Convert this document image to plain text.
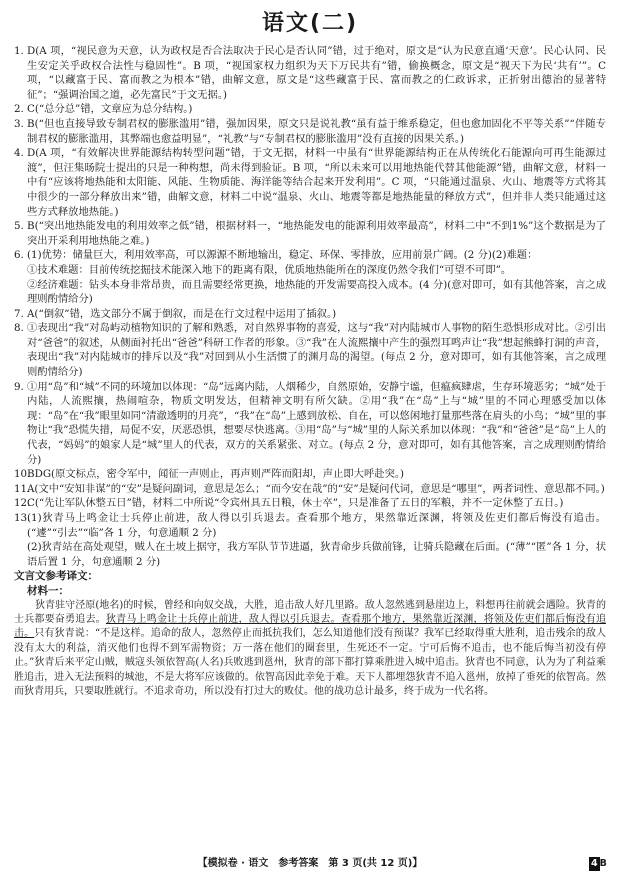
语文(二)

1. D(A 项，“视民意为天意，认为政权是否合法取决于民心是否认同”错，过于绝对，原文是“认为民意直通‘天意’。民心认同、民生安定关乎政权合法性与稳固性”。B 项，“视国家权力组织为天下万民共有”错，偷换概念，原文是“视天下为民‘共有’”。C 项，“以藏富于民、富而教之为根本”错，曲解文意，原文是“这些藏富于民、富而教之的仁政诉求，正折射出德治的显著特征”；“强调治国之道，必先富民”于文无据。)

2. C(“总分总”错，文章应为总分结构。)

3. B(“但也直接导致专制君权的膨胀滥用”错，强加因果，原文只是说礼教“虽有益于维系稳定，但也愈加固化不平等关系”“伴随专制君权的膨胀滥用，其弊端也愈益明显”，“礼教”与“专制君权的膨胀滥用”没有直接的因果关系。)

4. D(A 项，“有效解决世界能源结构转型问题”错，于文无据，材料一中虽有“世界能源结构正在从传统化石能源向可再生能源过渡”，但汪集旸院士提出的只是一种构想，尚未得到验证。B 项，“所以未来可以用地热能代替其他能源”错，曲解文意，材料一中有“应该将地热能和太阳能、风能、生物质能、海洋能等结合起来开发利用”。C 项，“只能通过温泉、火山、地震等方式将其中很少的一部分释放出来”错，曲解文意，材料二中说“温泉、火山、地震等都是地热能量的释放方式”，但并非人类只能通过这些方式释放地热能。)

5. B(“突出地热能发电的利用效率之低”错，根据材料一，“地热能发电的能源利用效率最高”，材料二中“不到1%”这个数据是为了突出开采利用地热能之难。)

6. (1)优势：储量巨大，利用效率高，可以源源不断地输出，稳定、环保、零排放，应用前景广阔。(2 分)(2)难题：

①技术难题：目前传统挖掘技术能深入地下的距离有限，优质地热能所在的深度仍然令我们“可望不可即”。

②经济难题：钻头本身非常昂贵，而且需要经常更换，地热能的开发需要高投入成本。(4 分)(意对即可，如有其他答案，言之成理则酌情给分)

7. A(“倒叙”错，选文部分不属于倒叙，而是在行文过程中运用了插叙。)

8. ①表现出“我”对岛屿动植物知识的了解和熟悉，对自然界事物的喜爱，这与“我”对内陆城市人事物的陌生恐惧形成对比。②引出对“爸爸”的叙述，从侧面衬托出“爸爸”科研工作者的形象。③“我”在人流熙攘中产生的强烈耳鸣声让“我”想起熊蜂打洞的声音，表现出“我”对内陆城市的排斥以及“我”对回到从小生活惯了的渊月岛的渴望。(每点 2 分，意对即可，如有其他答案，言之成理则酌情给分)

9. ①用“岛”和“城”不同的环境加以体现：“岛”远离内陆，人烟稀少，自然原始，安静宁谧，但瘟疯肆虐，生存环境恶劣；“城”处于内陆，人流熙攘，热闹喧杂，物质文明发达，但精神文明有所欠缺。②用“我”在“岛”上与“城”里的不同心理感受加以体现：“岛”在“我”眼里如同“清澈透明的月亮”，“我”在“岛”上感到放松、自在，可以悠闲地打量那些落在肩头的小鸟；“城”里的事物让“我”恐慌失措，局促不安，厌恶恐惧，想要尽快逃离。③用“岛”与“城”里的人际关系加以体现：“我”和“爸爸”是“岛”上人的代表，“妈妈”的娘家人是“城”里人的代表，双方的关系紧张、对立。(每点 2 分，意对即可，如有其他答案，言之成理则酌情给分)

10.
BDG(原文标点，密令军中，闻征一声则止，再声则严阵而阳却，声止即大呼赴突。)

11.
A(文中“安知非谋”的“安”是疑问副词，意思是怎么；“而今安在哉”的“安”是疑问代词，意思是“哪里”，两者词性、意思都不同。)

12.
C(“先让军队休整五日”错，材料二中所说“令宾州具五日粮，休士卒”，只是准备了五日的军粮，并不一定休整了五日。)

13.
(1)狄青马上鸣金让士兵停止前进，敌人得以引兵退去。查看那个地方，果然靠近深渊，将领及佐吏们都后悔没有追击。(“遽”“引去”“临”各 1 分，句意通顺 2 分)

(2)狄青站在高处观望，贼人在土坡上据守，我方军队节节进逼，狄青命步兵做前锋，让骑兵隐藏在后面。(“薄”“匿”各 1 分，状语后置 1 分，句意通顺 2 分)

文言文参考译文：

材料一：

狄青驻守泾原(地名)的时候，曾经和向奴交战，大胜，追击敌人好几里路。敌人忽然逃到悬崖边上，料想再往前就会遇险。狄青的士兵都要奋勇追去。狄青马上鸣金让士兵停止前进，敌人得以引兵退去。查看那个地方，果然靠近深渊，将领及佐吏们都后悔没有追击。只有狄青说：“不是这样。追命的敌人，忽然停止而抵抗我们，怎么知道他们没有预谋？我军已经取得重大胜利，追击残余的敌人没有太大的利益，消灭他们也得不到军需物资；万一落在他们的圈套里，生死还不一定。宁可后悔不追击，也不能后悔当初没有停止。”狄青后来平定山贼，贼寇头领依智高(人名)兵败逃到邕州，狄青的部下都打算乘胜进入城中追击。狄青也不同意，认为为了利益乘胜追击，进入无法预料的城池，不是大将军应该做的。依智高因此幸免于难。天下人都埋怨狄青不追入邕州，放掉了垂死的依智高。然而狄青用兵，只要取胜就行。不追求奇功，所以没有打过大的败仗。他的战功总计最多，终于成为一代名将。

【模拟卷 · 语文　参考答案　第 3 页(共 12 页)】	4 B
